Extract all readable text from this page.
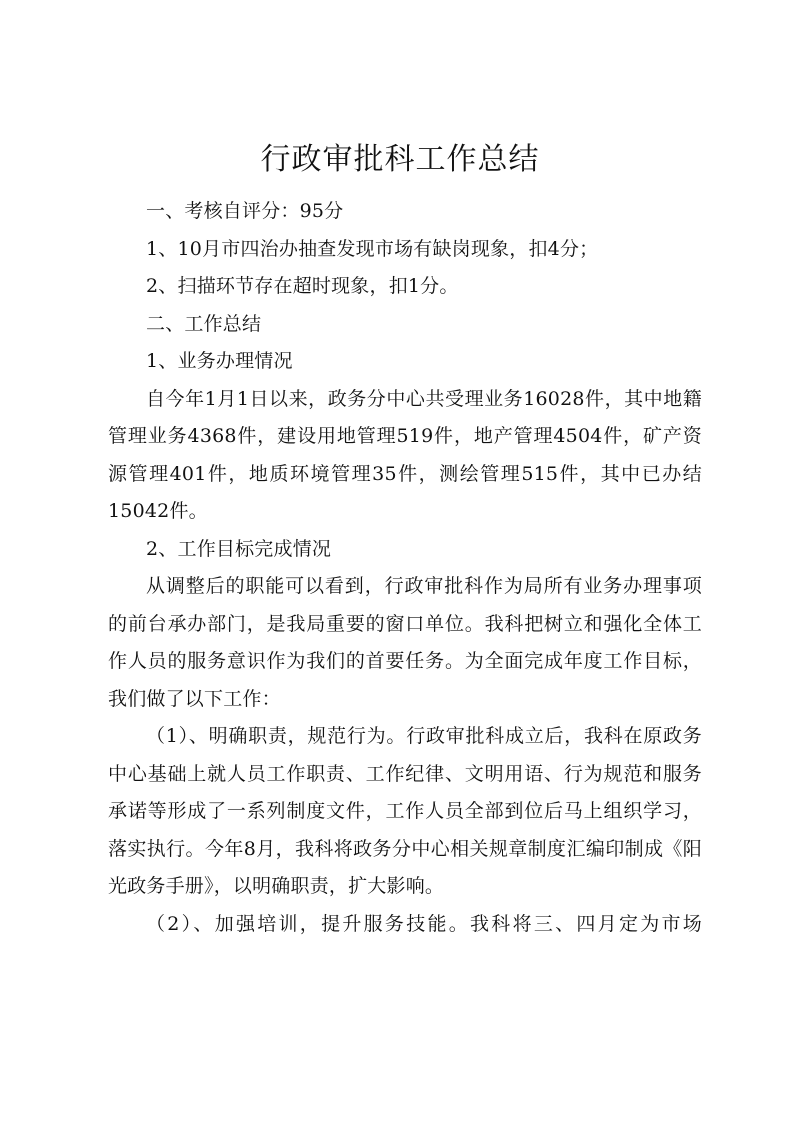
行政审批科工作总结

一、考核自评分：95分

1、10月市四治办抽查发现市场有缺岗现象，扣4分；

2、扫描环节存在超时现象，扣1分。

二、工作总结

1、业务办理情况

自今年1月1日以来，政务分中心共受理业务16028件，其中地籍管理业务4368件，建设用地管理519件，地产管理4504件，矿产资源管理401件，地质环境管理35件，测绘管理515件，其中已办结15042件。

2、工作目标完成情况

从调整后的职能可以看到，行政审批科作为局所有业务办理事项的前台承办部门，是我局重要的窗口单位。我科把树立和强化全体工作人员的服务意识作为我们的首要任务。为全面完成年度工作目标，我们做了以下工作：

（1）、明确职责，规范行为。行政审批科成立后，我科在原政务中心基础上就人员工作职责、工作纪律、文明用语、行为规范和服务承诺等形成了一系列制度文件，工作人员全部到位后马上组织学习，落实执行。今年8月，我科将政务分中心相关规章制度汇编印制成《阳光政务手册》，以明确职责，扩大影响。

（2）、加强培训，提升服务技能。我科将三、四月定为市场
